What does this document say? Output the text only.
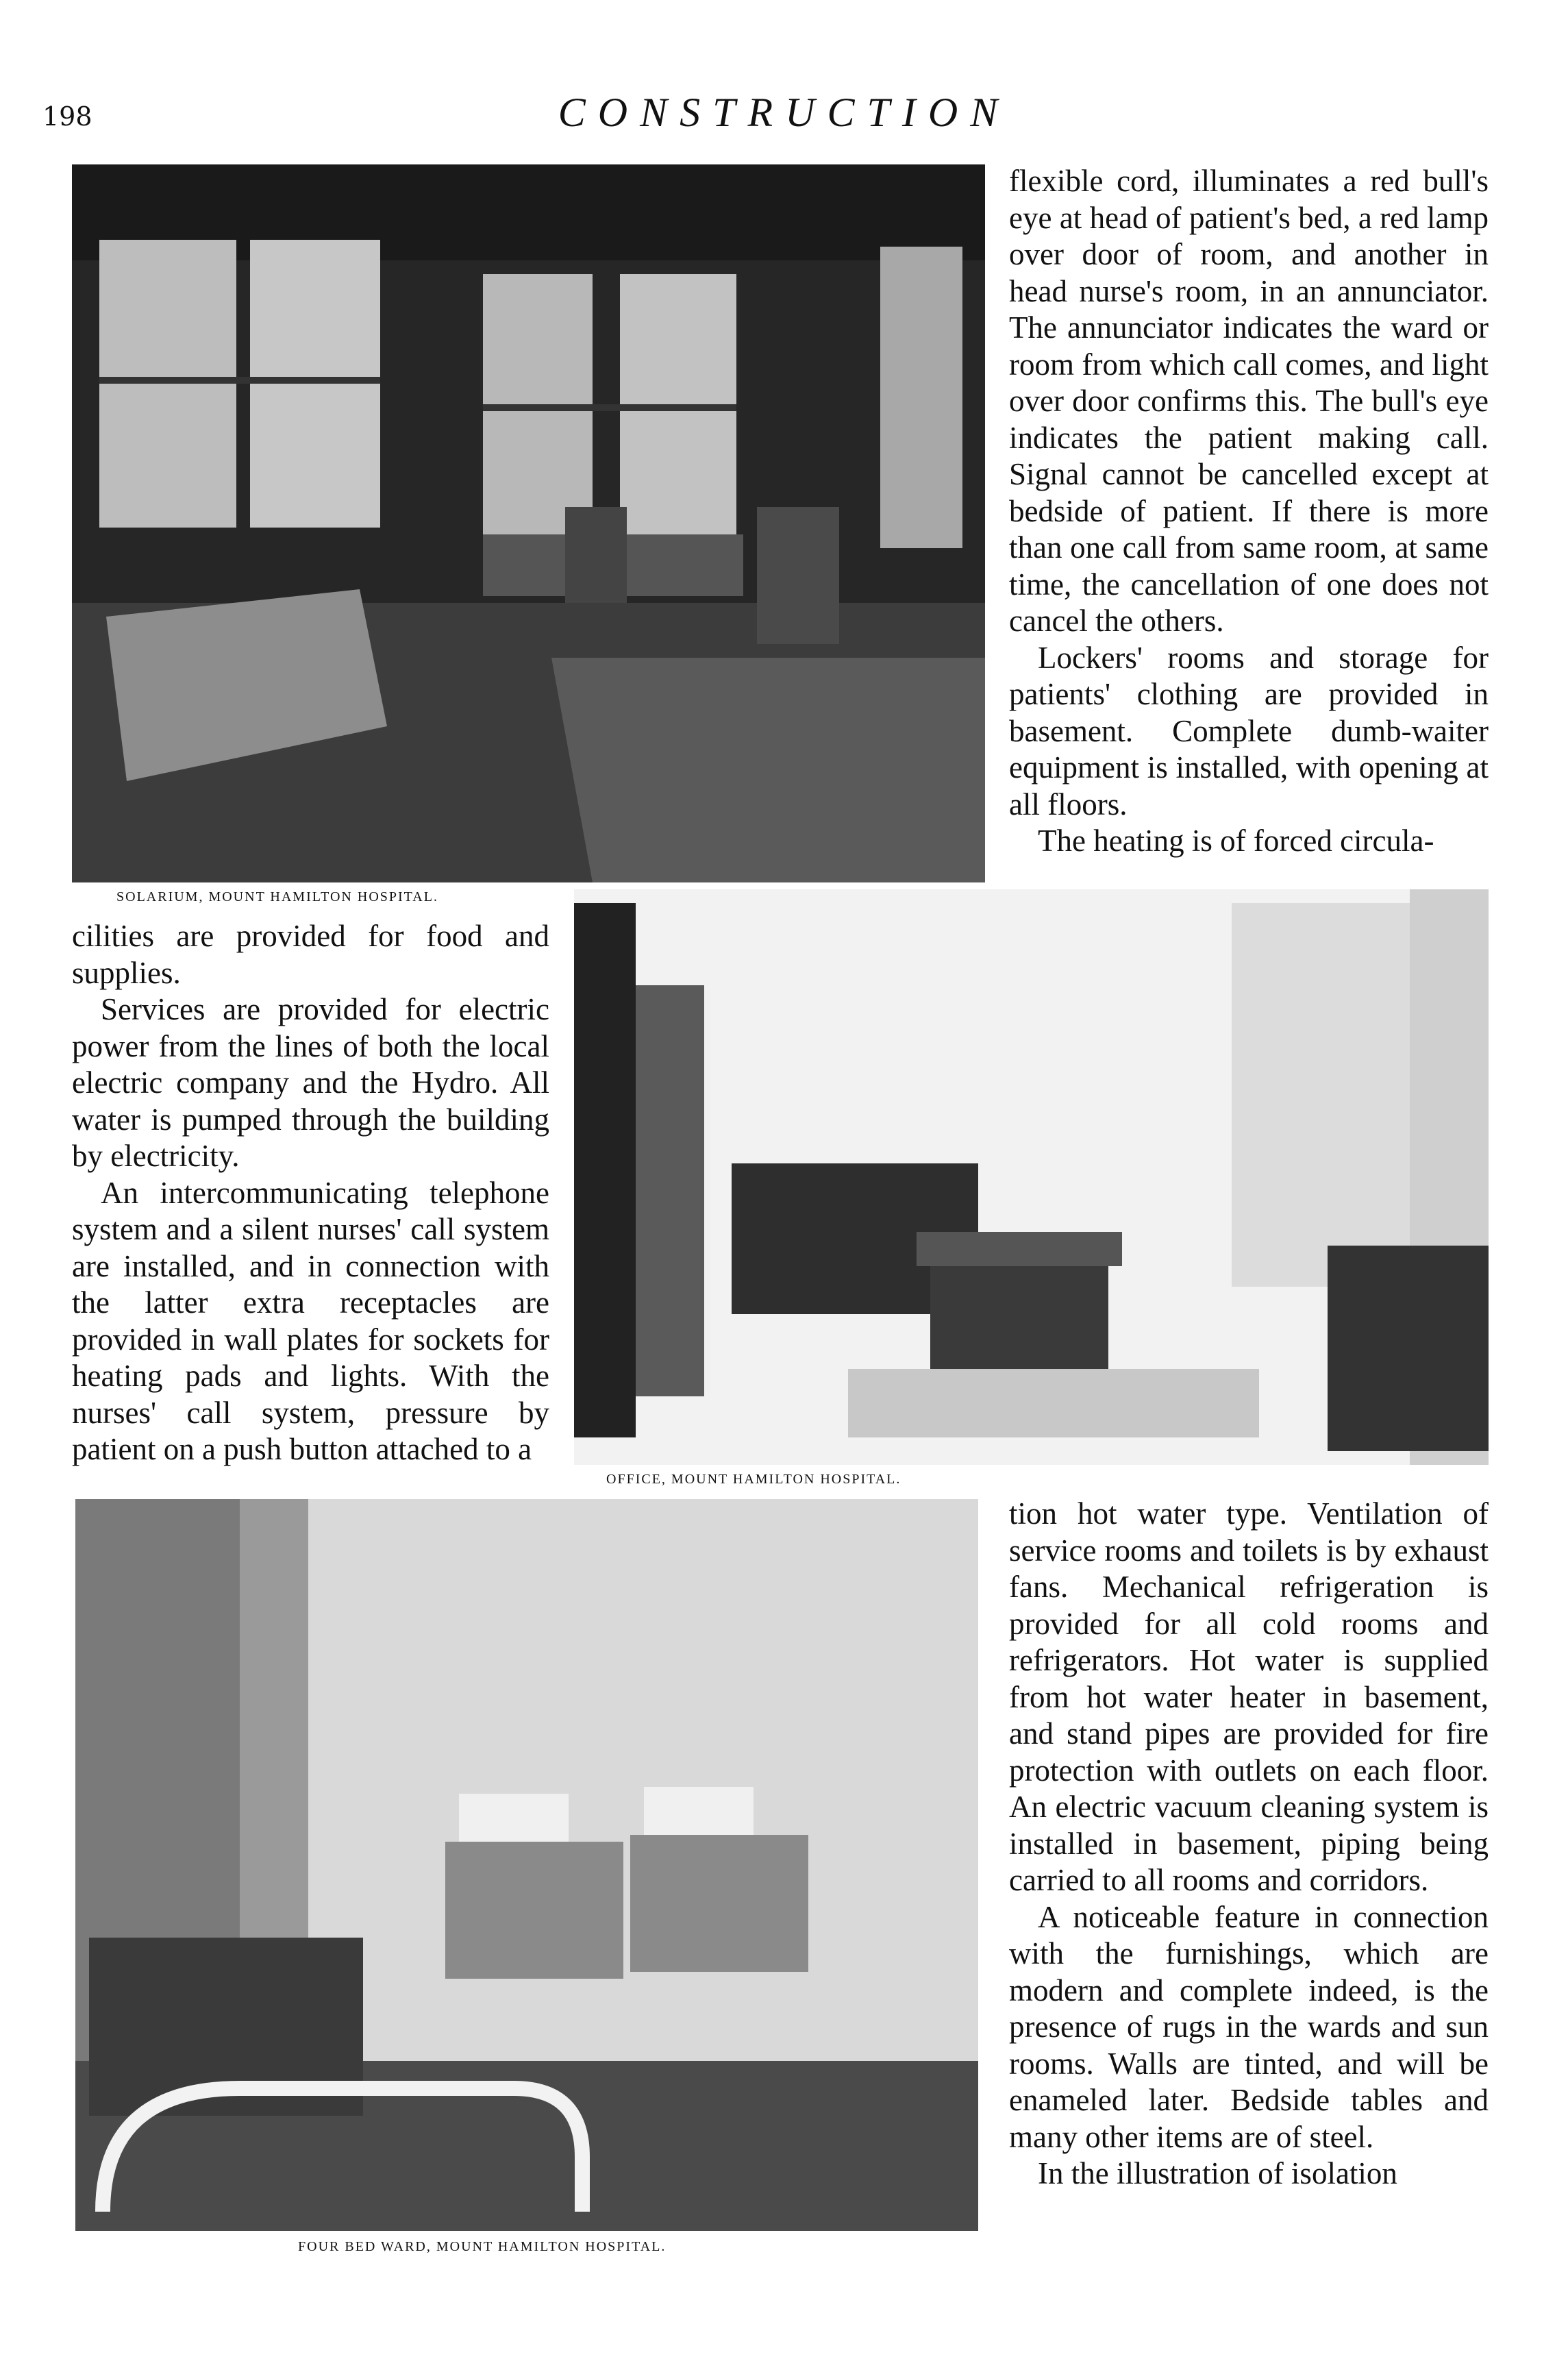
198	CONSTRUCTION
SOLARIUM, MOUNT HAMILTON HOSPITAL.

flexible cord, illuminates a red bull's eye at head of patient's bed, a red lamp over door of room, and another in head nurse's room, in an annunciator. The annunciator indicates the ward or room from which call comes, and light over door confirms this. The bull's eye indicates the patient making call. Signal cannot be cancelled except at bedside of patient. If there is more than one call from same room, at same time, the cancellation of one does not cancel the others.

Lockers' rooms and storage for patients' clothing are provided in basement. Complete dumb-waiter equipment is installed, with opening at all floors.

The heating is of forced circula-

cilities are provided for food and supplies.

Services are provided for electric power from the lines of both the local electric company and the Hydro. All water is pumped through the building by electricity.

An intercommunicating telephone system and a silent nurses' call system are installed, and in connection with the latter extra receptacles are provided in wall plates for sockets for heating pads and lights. With the nurses' call system, pressure by patient on a push button attached to a

OFFICE, MOUNT HAMILTON HOSPITAL.
FOUR BED WARD, MOUNT HAMILTON HOSPITAL.

tion hot water type. Ventilation of service rooms and toilets is by exhaust fans. Mechanical refrigeration is provided for all cold rooms and refrigerators. Hot water is supplied from hot water heater in basement, and stand pipes are provided for fire protection with outlets on each floor. An electric vacuum cleaning system is installed in basement, piping being carried to all rooms and corridors.

A noticeable feature in connection with the furnishings, which are modern and complete indeed, is the presence of rugs in the wards and sun rooms. Walls are tinted, and will be enameled later. Bedside tables and many other items are of steel.

In the illustration of isolation
